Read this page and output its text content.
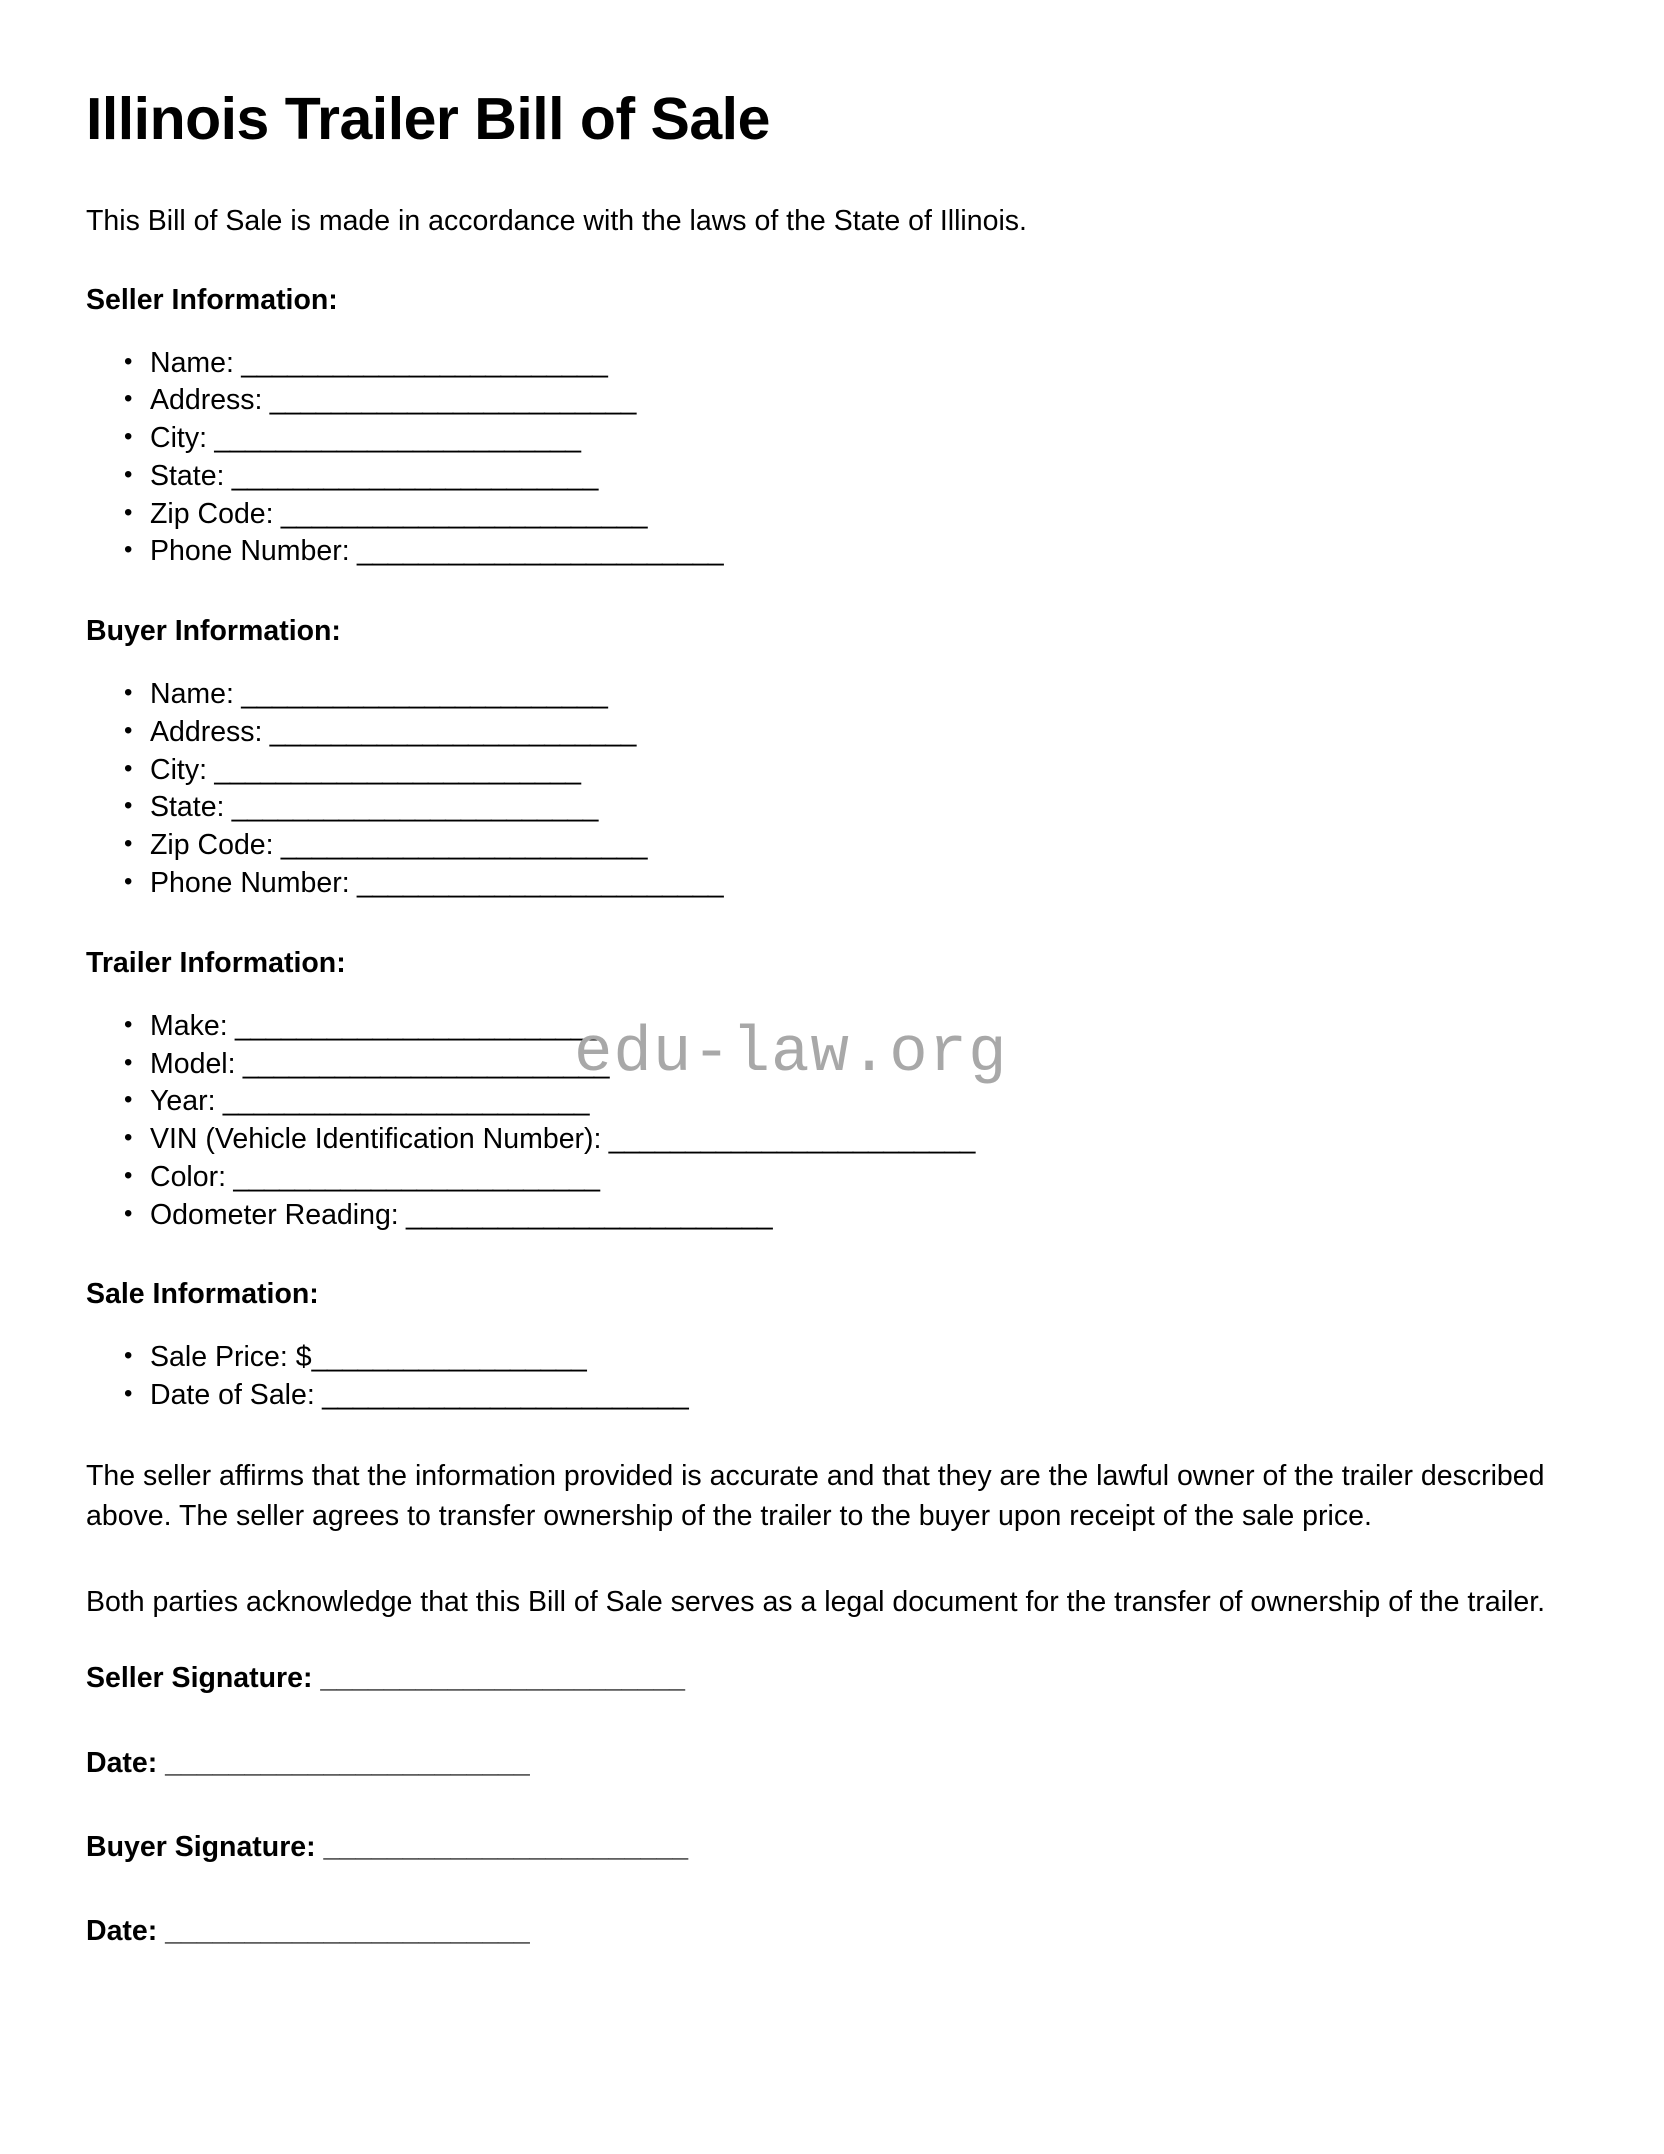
edu-law.org
Illinois Trailer Bill of Sale

This Bill of Sale is made in accordance with the laws of the State of Illinois.

Seller Information:
• Name: ________________________
• Address: ________________________
• City: ________________________
• State: ________________________
• Zip Code: ________________________
• Phone Number: ________________________
Buyer Information:
• Name: ________________________
• Address: ________________________
• City: ________________________
• State: ________________________
• Zip Code: ________________________
• Phone Number: ________________________
Trailer Information:
• Make: ________________________
• Model: ________________________
• Year: ________________________
• VIN (Vehicle Identification Number): ________________________
• Color: ________________________
• Odometer Reading: ________________________
Sale Information:
• Sale Price: $__________________
• Date of Sale: ________________________

The seller affirms that the information provided is accurate and that they are the lawful owner of the trailer described above. The seller agrees to transfer ownership of the trailer to the buyer upon receipt of the sale price.

Both parties acknowledge that this Bill of Sale serves as a legal document for the transfer of ownership of the trailer.

Seller Signature: _______________________
Date: _______________________
Buyer Signature: _______________________
Date: _______________________
